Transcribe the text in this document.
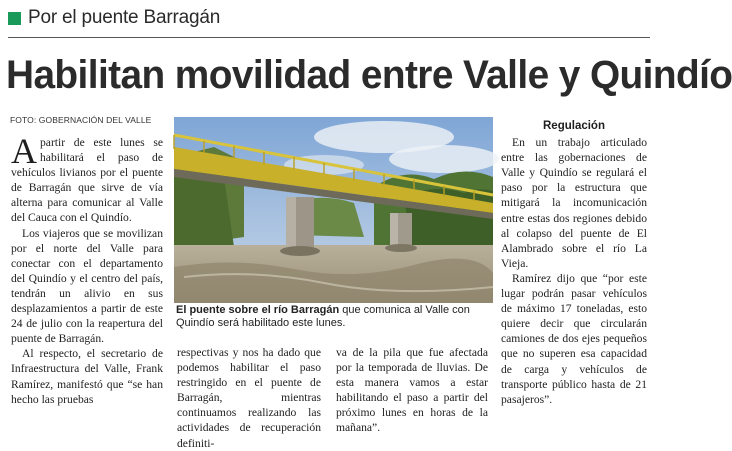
Por el puente Barragán
Habilitan movilidad entre Valle y Quindío
FOTO: GOBERNACIÓN DEL VALLE

Apartir de este lunes se habilitará el paso de vehículos livianos por el puente de Barragán que sirve de vía alterna para comunicar al Valle del Cauca con el Quindío.

Los viajeros que se movilizan por el norte del Valle para conectar con el departamento del Quindío y el centro del país, tendrán un alivio en sus desplazamientos a partir de este 24 de julio con la reapertura del puente de Barragán.

Al respecto, el secretario de Infraestructura del Valle, Frank Ramírez, manifestó que “se han hecho las pruebas

El puente sobre el río Barragán que comunica al Valle con Quindío será habilitado este lunes.

respectivas y nos ha dado que podemos habilitar el paso restringido en el puente de Barragán, mientras continuamos realizando las actividades de recuperación definiti-

va de la pila que fue afectada por la temporada de lluvias. De esta manera vamos a estar habilitando el paso a partir del próximo lunes en horas de la mañana”.

Regulación

En un trabajo articulado entre las gobernaciones de Valle y Quindío se regulará el paso por la estructura que mitigará la incomunicación entre estas dos regiones debido al colapso del puente de El Alambrado sobre el río La Vieja.

Ramírez dijo que “por este lugar podrán pasar vehículos de máximo 17 toneladas, esto quiere decir que circularán camiones de dos ejes pequeños que no superen esa capacidad de carga y vehículos de transporte público hasta de 21 pasajeros”.
